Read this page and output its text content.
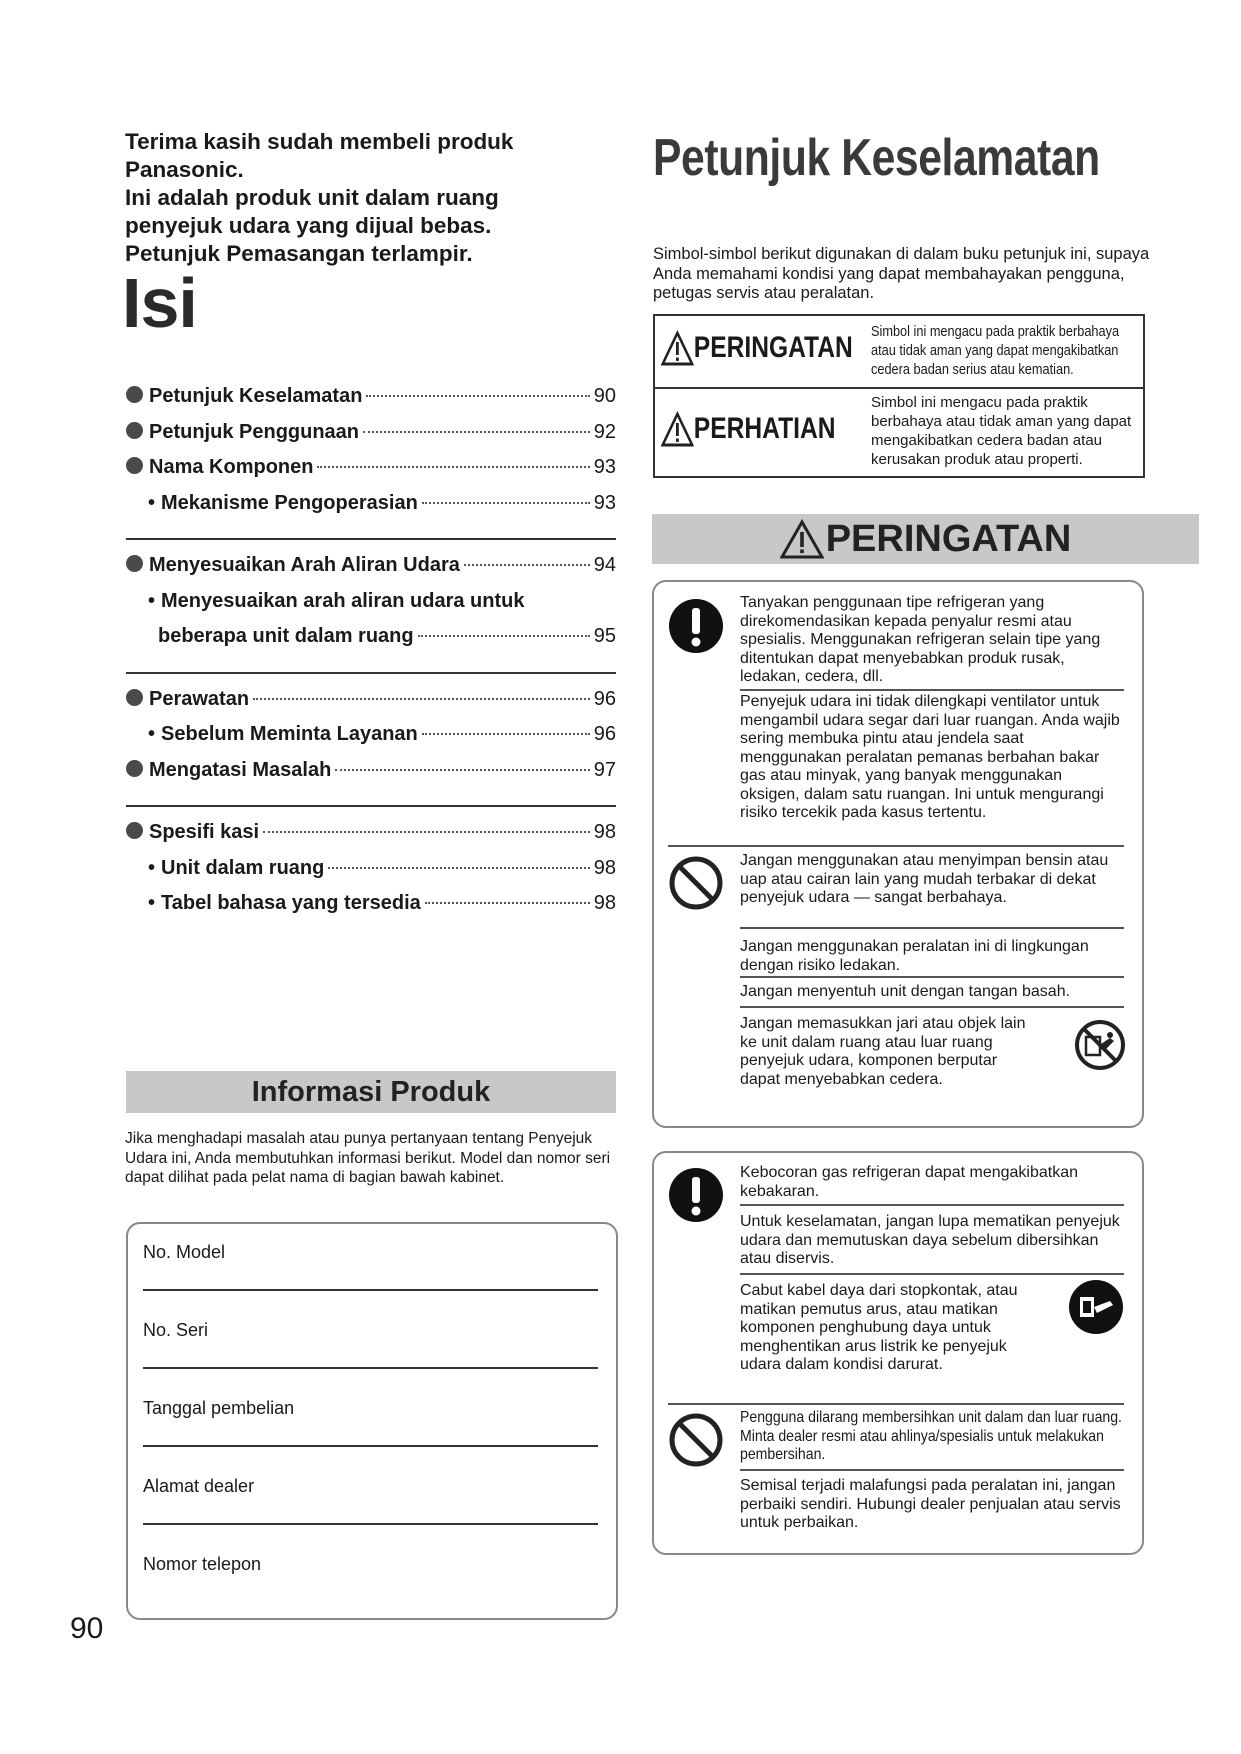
Terima kasih sudah membeli produk
Panasonic.
Ini adalah produk unit dalam ruang
penyejuk udara yang dijual bebas.
Petunjuk Pemasangan terlampir.
Isi
Petunjuk Keselamatan	90
Petunjuk Penggunaan	92
Nama Komponen	93
• Mekanisme Pengoperasian	93
Menyesuaikan Arah Aliran Udara	94
• Menyesuaikan arah aliran udara untuk
beberapa unit dalam ruang	95
Perawatan	96
• Sebelum Meminta Layanan	96
Mengatasi Masalah	97
Spesifi kasi	98
• Unit dalam ruang	98
• Tabel bahasa yang tersedia	98
Informasi Produk
Jika menghadapi masalah atau punya pertanyaan tentang Penyejuk Udara ini, Anda membutuhkan informasi berikut. Model dan nomor seri dapat dilihat pada pelat nama di bagian bawah kabinet.
No. Model
No. Seri
Tanggal pembelian
Alamat dealer
Nomor telepon
90
Petunjuk Keselamatan
Simbol-simbol berikut digunakan di dalam buku petunjuk ini, supaya Anda memahami kondisi yang dapat membahayakan pengguna, petugas servis atau peralatan.
PERINGATAN Simbol ini mengacu pada praktik berbahaya atau tidak aman yang dapat mengakibatkan cedera badan serius atau kematian.
PERHATIAN
Simbol ini mengacu pada praktik berbahaya atau tidak aman yang dapat mengakibatkan cedera badan atau kerusakan produk atau properti.
PERINGATAN
Tanyakan penggunaan tipe refrigeran yang direkomendasikan kepada penyalur resmi atau spesialis. Menggunakan refrigeran selain tipe yang ditentukan dapat menyebabkan produk rusak, ledakan, cedera, dll.
Penyejuk udara ini tidak dilengkapi ventilator untuk mengambil udara segar dari luar ruangan. Anda wajib sering membuka pintu atau jendela saat menggunakan peralatan pemanas berbahan bakar gas atau minyak, yang banyak menggunakan oksigen, dalam satu ruangan. Ini untuk mengurangi risiko tercekik pada kasus tertentu.
Jangan menggunakan atau menyimpan bensin atau uap atau cairan lain yang mudah terbakar di dekat penyejuk udara — sangat berbahaya.
Jangan menggunakan peralatan ini di lingkungan dengan risiko ledakan.
Jangan menyentuh unit dengan tangan basah.
Jangan memasukkan jari atau objek lain ke unit dalam ruang atau luar ruang penyejuk udara, komponen berputar dapat menyebabkan cedera.
Kebocoran gas refrigeran dapat mengakibatkan kebakaran.
Untuk keselamatan, jangan lupa mematikan penyejuk udara dan memutuskan daya sebelum dibersihkan atau diservis.
Cabut kabel daya dari stopkontak, atau matikan pemutus arus, atau matikan komponen penghubung daya untuk menghentikan arus listrik ke penyejuk udara dalam kondisi darurat.
Pengguna dilarang membersihkan unit dalam dan luar ruang. Minta dealer resmi atau ahlinya/spesialis untuk melakukan pembersihan.
Semisal terjadi malafungsi pada peralatan ini, jangan perbaiki sendiri. Hubungi dealer penjualan atau servis untuk perbaikan.
